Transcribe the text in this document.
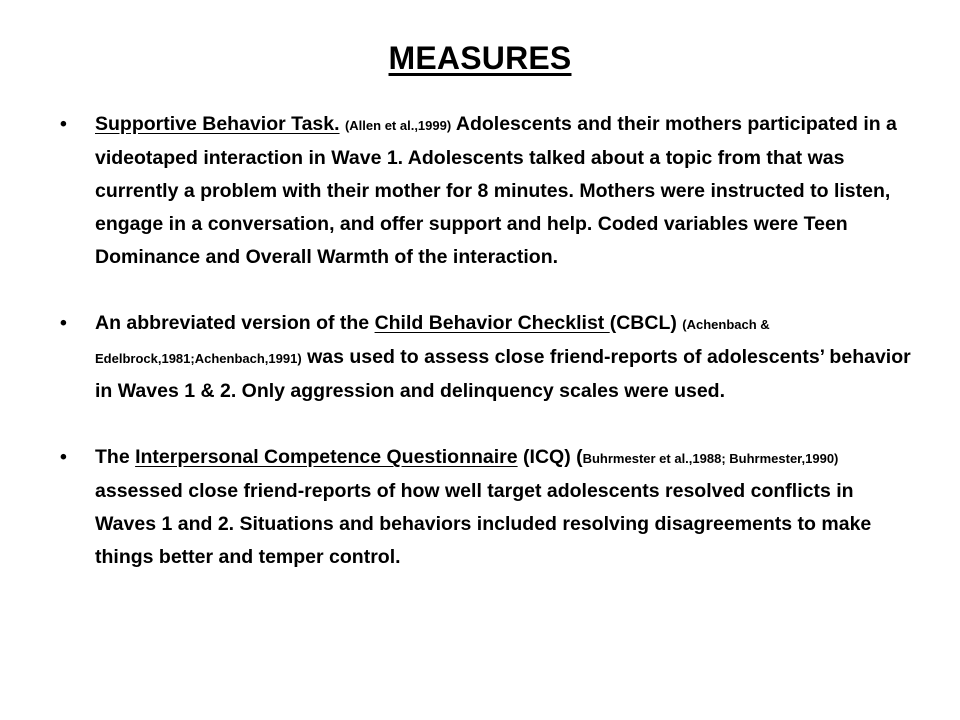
MEASURES
• Supportive Behavior Task. (Allen et al.,1999) Adolescents and their mothers participated in a videotaped interaction in Wave 1. Adolescents talked about a topic from that was currently a problem with their mother for 8 minutes. Mothers were instructed to listen, engage in a conversation, and offer support and help. Coded variables were Teen Dominance and Overall Warmth of the interaction.
• An abbreviated version of the Child Behavior Checklist (CBCL) (Achenbach & Edelbrock,1981;Achenbach,1991) was used to assess close friend-reports of adolescents’ behavior in Waves 1 & 2. Only aggression and delinquency scales were used.
• The Interpersonal Competence Questionnaire (ICQ) (Buhrmester et al.,1988; Buhrmester,1990) assessed close friend-reports of how well target adolescents resolved conflicts in Waves 1 and 2. Situations and behaviors included resolving disagreements to make things better and temper control.
